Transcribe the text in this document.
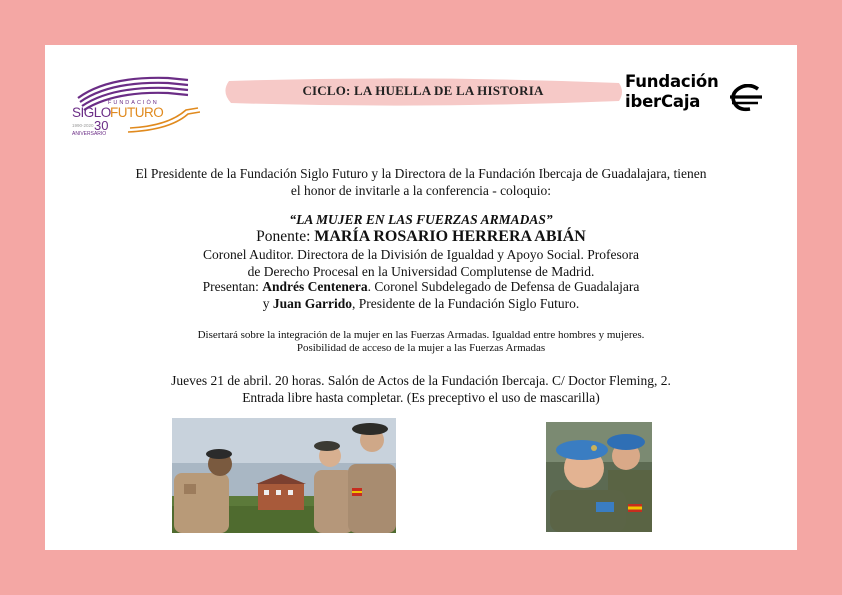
FUNDACIÓN
SIGLO FUTURO
1990-2020 30
ANIVERSARIO
CICLO: LA HUELLA DE LA HISTORIA	Fundación
iberCaja
El Presidente de la Fundación Siglo Futuro y la Directora de la Fundación Ibercaja de Guadalajara, tienen
el honor de invitarle a la conferencia - coloquio:
“LA MUJER EN LAS FUERZAS ARMADAS”
Ponente: MARÍA ROSARIO HERRERA ABIÁN
Coronel Auditor. Directora de la División de Igualdad y Apoyo Social. Profesora
de Derecho Procesal en la Universidad Complutense de Madrid.
Presentan: Andrés Centenera. Coronel Subdelegado de Defensa de Guadalajara
y Juan Garrido, Presidente de la Fundación Siglo Futuro.
Disertará sobre la integración de la mujer en las Fuerzas Armadas. Igualdad entre hombres y mujeres.
Posibilidad de acceso de la mujer a las Fuerzas Armadas
Jueves 21 de abril. 20 horas. Salón de Actos de la Fundación Ibercaja. C/ Doctor Fleming, 2.
Entrada libre hasta completar. (Es preceptivo el uso de mascarilla)
